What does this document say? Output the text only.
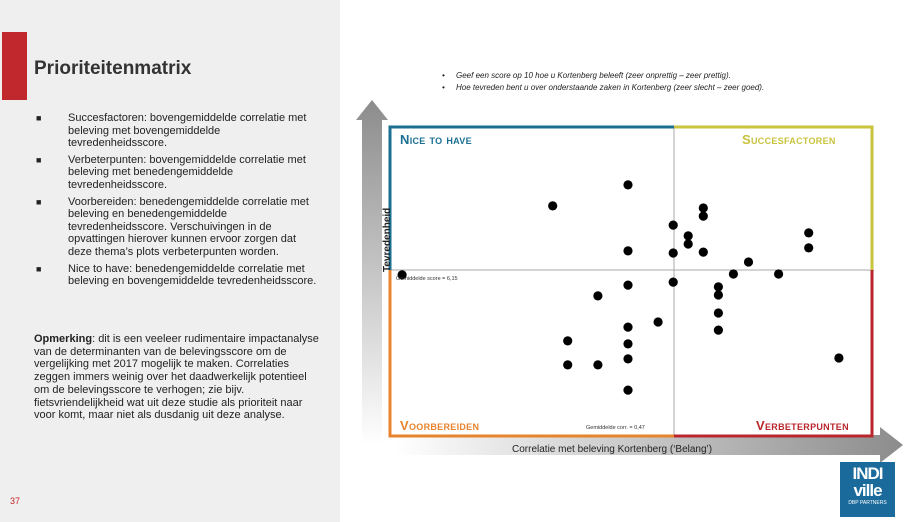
Prioriteitenmatrix
■ Succesfactoren: bovengemiddelde correlatie met beleving met bovengemiddelde tevredenheidsscore.
■ Verbeterpunten: bovengemiddelde correlatie met beleving met benedengemiddelde tevredenheidsscore.
■ Voorbereiden: benedengemiddelde correlatie met beleving en benedengemiddelde tevredenheidsscore. Verschuivingen in de opvattingen hierover kunnen ervoor zorgen dat deze thema’s plots verbeterpunten worden.
■ Nice to have: benedengemiddelde correlatie met beleving en bovengemiddelde tevredenheidsscore.
Opmerking: dit is een veeleer rudimentaire impactanalyse van de determinanten van de belevingsscore om de vergelijking met 2017 mogelijk te maken. Correlaties zeggen immers weinig over het daadwerkelijk potentieel om de belevingsscore te verhogen; zie bijv. fietsvriendelijkheid wat uit deze studie als prioriteit naar voor komt, maar niet als dusdanig uit deze analyse.
37
• Geef een score op 10 hoe u Kortenberg beleeft (zeer onprettig – zeer prettig).
• Hoe tevreden bent u over onderstaande zaken in Kortenberg (zeer slecht – zeer goed).
Nice to have	Succesfactoren
Voorbereiden	Verbeterpunten
Gemiddelde score = 6,15
Gemiddelde corr. = 0,47
Correlatie met beleving Kortenberg (‘Belang’)
Tevredenheid
INDI
ville
DBP PARTNERS
